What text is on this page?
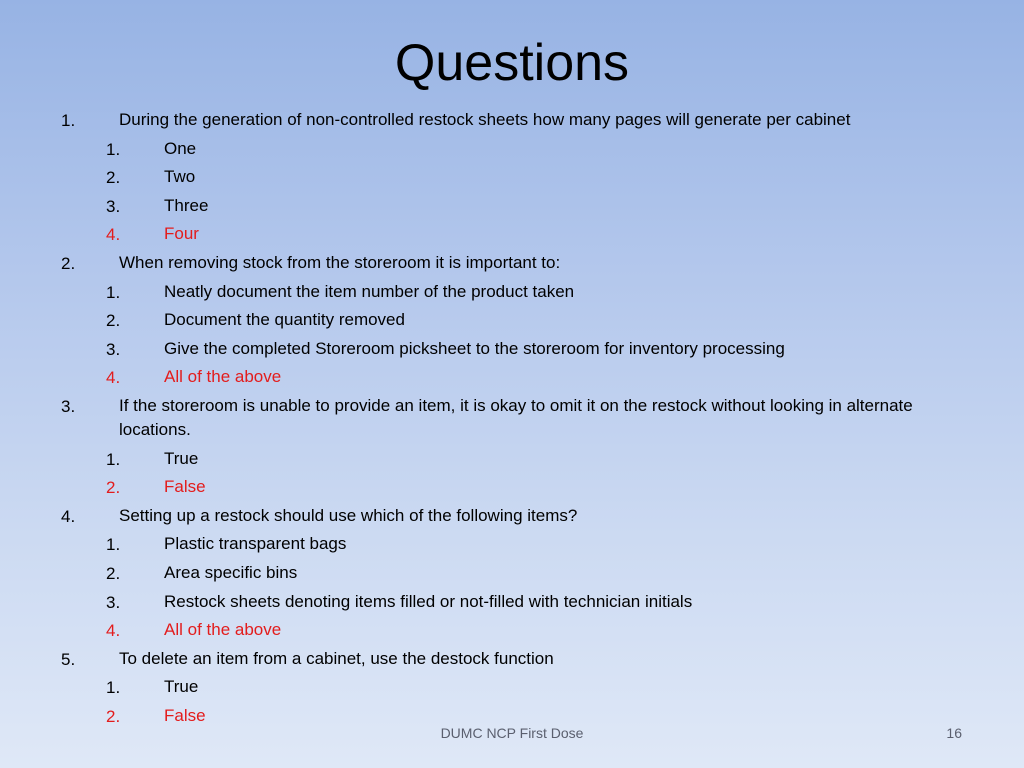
Questions
1.	During the generation of non-controlled restock sheets how many pages will generate per cabinet
1.	One
2.	Two
3.	Three
4.	Four
2.	When removing stock from the storeroom it is important to:
1.	Neatly document the item number of the product taken
2.	Document the quantity removed
3.	Give the completed Storeroom picksheet to the storeroom for inventory processing
4.	All of the above
3.	If the storeroom is unable to provide an item, it is okay to omit it on the restock without looking in alternate locations.
1.	True
2.	False
4.	Setting up a restock should use which of the following items?
1.	Plastic transparent bags
2.	Area specific bins
3.	Restock sheets denoting items filled or not-filled with technician initials
4.	All of the above
5.	To delete an item from a cabinet, use the destock function
1.	True
2.	False
DUMC NCP First Dose	16
